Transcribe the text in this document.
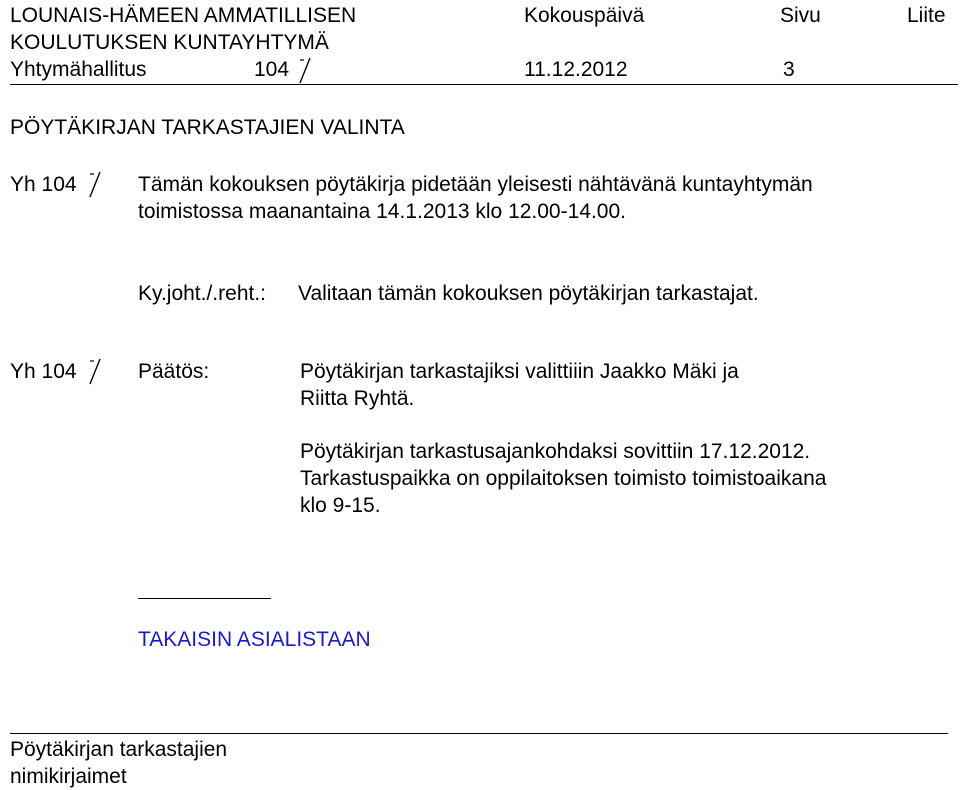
LOUNAIS-HÄMEEN AMMATILLISEN	Kokouspäivä	Sivu	Liite
KOULUTUKSEN KUNTAYHTYMÄ
Yhtymähallitus	104	11.12.2012	3
PÖYTÄKIRJAN TARKASTAJIEN VALINTA
Yh 104	Tämän kokouksen pöytäkirja pidetään yleisesti nähtävänä kuntayhtymän
toimistossa maanantaina 14.1.2013 klo 12.00-14.00.
Ky.joht./.reht.: Valitaan tämän kokouksen pöytäkirjan tarkastajat.
Yh 104	Päätös:	Pöytäkirjan tarkastajiksi valittiiin Jaakko Mäki ja
Riitta Ryhtä.
Pöytäkirjan tarkastusajankohdaksi sovittiin 17.12.2012.
Tarkastuspaikka on oppilaitoksen toimisto toimistoaikana
klo 9-15.
TAKAISIN ASIALISTAAN
Pöytäkirjan tarkastajien
nimikirjaimet
